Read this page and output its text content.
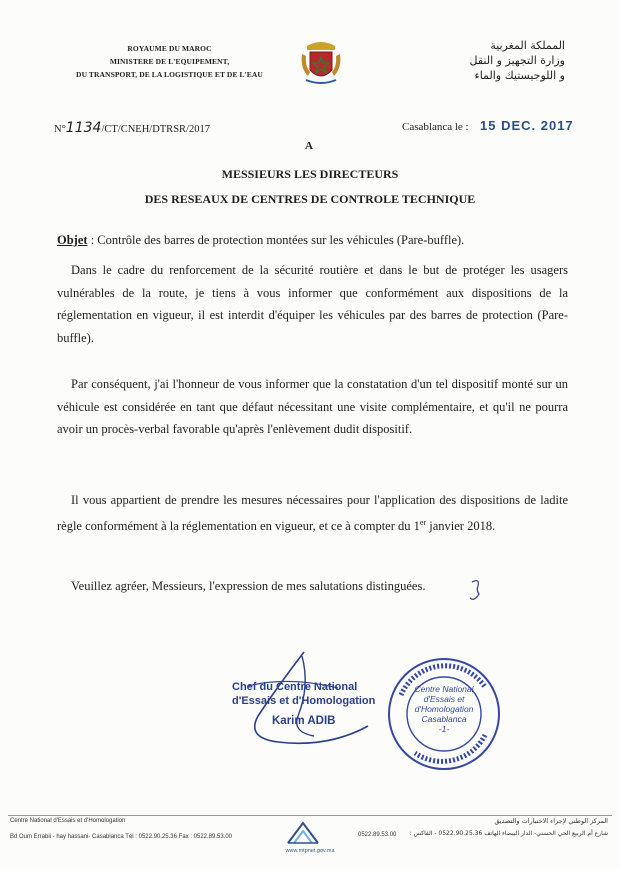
ROYAUME DU MAROC
MINISTERE DE L'EQUIPEMENT,
DU TRANSPORT, DE LA LOGISTIQUE ET DE L'EAU
المملكة المغربية
وزارة التجهيز و النقل
و اللوجيستيك والماء
N°1134/CT/CNEH/DTRSR/2017	Casablanca le : 15 DEC. 2017
A
MESSIEURS LES DIRECTEURS
DES RESEAUX DE CENTRES DE CONTROLE TECHNIQUE
Objet : Contrôle des barres de protection montées sur les véhicules (Pare-buffle).
Dans le cadre du renforcement de la sécurité routière et dans le but de protéger les usagers vulnérables de la route, je tiens à vous informer que conformément aux dispositions de la réglementation en vigueur, il est interdit d'équiper les véhicules par des barres de protection (Pare-buffle).
Par conséquent, j'ai l'honneur de vous informer que la constatation d'un tel dispositif monté sur un véhicule est considérée en tant que défaut nécessitant une visite complémentaire, et qu'il ne pourra avoir un procès-verbal favorable qu'après l'enlèvement dudit dispositif.
Il vous appartient de prendre les mesures nécessaires pour l'application des dispositions de ladite règle conformément à la réglementation en vigueur, et ce à compter du 1er janvier 2018.
Veuillez agréer, Messieurs, l'expression de mes salutations distinguées.
Chef du Centre National
d'Essais et d'Homologation
Karim ADIB
Centre National
d'Essais et
d'Homologation
Casablanca
-1-
Centre National d'Essais et d'Homologation
Bd Oum Errabii - hay hassani- Casablanca Tél : 0522.90.25.36 Fax : 0522.89.53.00
www.mtpnet.gov.ma
المركز الوطني لإجراء الاختبارات والتصديق
شارع أم الربيع الحي الحسني- الدار البيضاء الهاتف 0522.90.25.36 - الفاكس :
0522.89.53.00
